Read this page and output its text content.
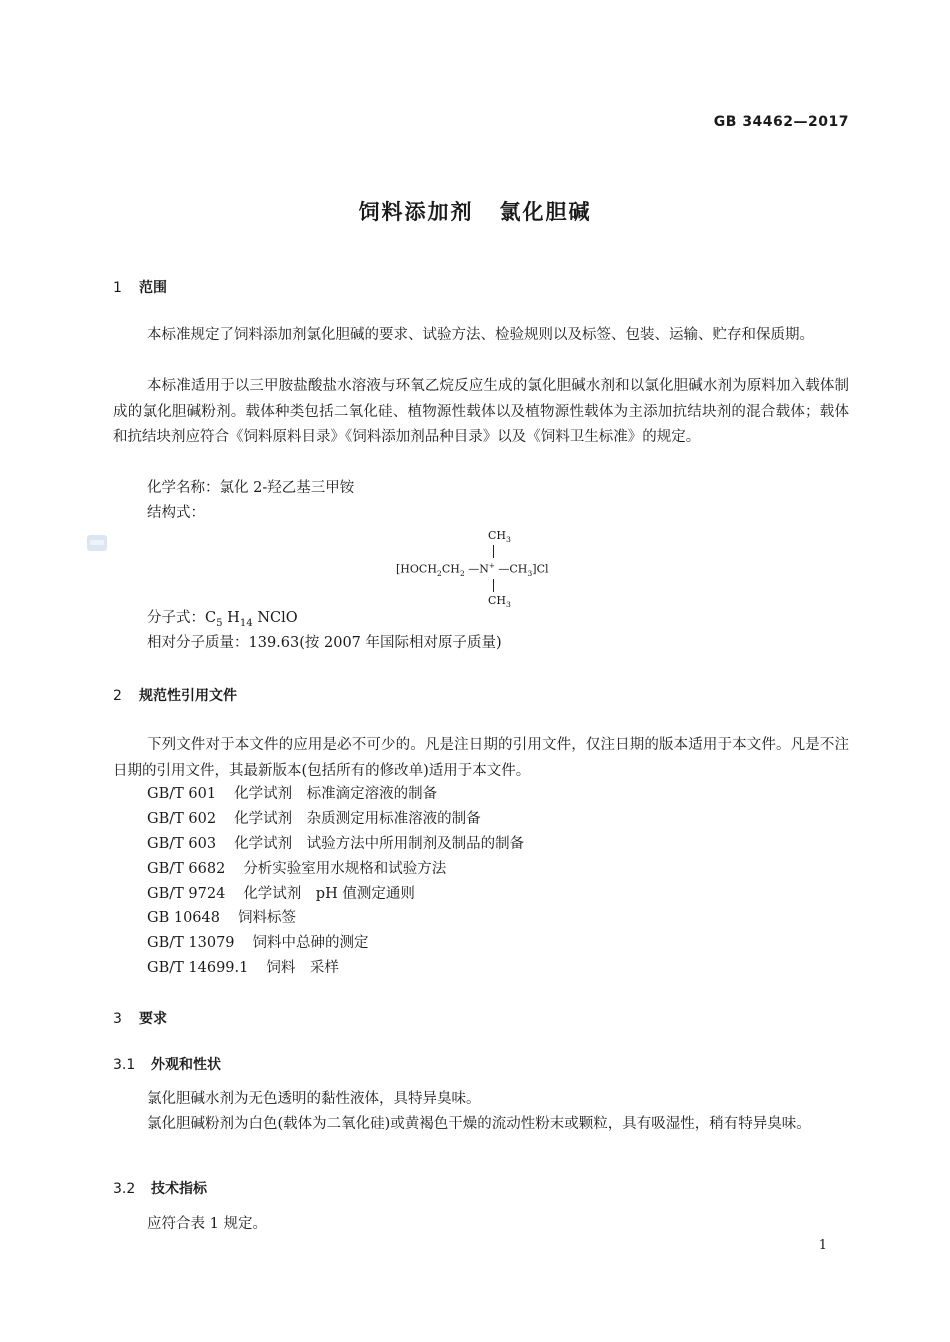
GB 34462—2017
饲料添加剂 氯化胆碱
1 范围
本标准规定了饲料添加剂氯化胆碱的要求、试验方法、检验规则以及标签、包装、运输、贮存和保质期。
本标准适用于以三甲胺盐酸盐水溶液与环氧乙烷反应生成的氯化胆碱水剂和以氯化胆碱水剂为原料加入载体制成的氯化胆碱粉剂。载体种类包括二氧化硅、植物源性载体以及植物源性载体为主添加抗结块剂的混合载体；载体和抗结块剂应符合《饲料原料目录》《饲料添加剂品种目录》以及《饲料卫生标准》的规定。
化学名称：氯化 2-羟乙基三甲铵
结构式：
$CH_3$
[$HOCH_2CH_2$ —N+ $—CH_3]Cl$
$CH_3$
分子式：$C_5$ $H_{14}$ NClO
相对分子质量：139.63(按 2007 年国际相对原子质量)
2 规范性引用文件
下列文件对于本文件的应用是必不可少的。凡是注日期的引用文件，仅注日期的版本适用于本文件。凡是不注日期的引用文件，其最新版本(包括所有的修改单)适用于本文件。
GB/T 601 化学试剂　标准滴定溶液的制备
GB/T 602 化学试剂　杂质测定用标准溶液的制备
GB/T 603 化学试剂　试验方法中所用制剂及制品的制备
GB/T 6682 分析实验室用水规格和试验方法
GB/T 9724 化学试剂　pH 值测定通则
GB 10648 饲料标签
GB/T 13079 饲料中总砷的测定
GB/T 14699.1 饲料　采样
3 要求
3.1 外观和性状
氯化胆碱水剂为无色透明的黏性液体，具特异臭味。
氯化胆碱粉剂为白色(载体为二氧化硅)或黄褐色干燥的流动性粉末或颗粒，具有吸湿性，稍有特异臭味。
3.2 技术指标
应符合表 1 规定。
1
